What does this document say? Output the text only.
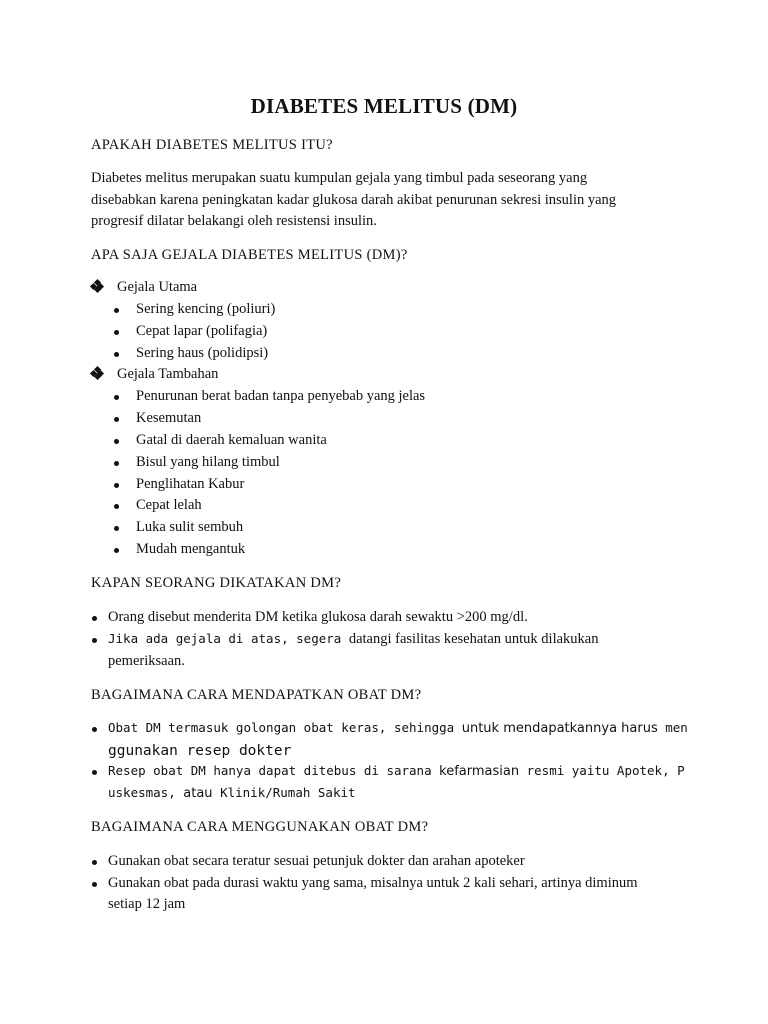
DIABETES MELITUS (DM)
APAKAH DIABETES MELITUS ITU?
Diabetes melitus merupakan suatu kumpulan gejala yang timbul pada seseorang yang
disebabkan karena peningkatan kadar glukosa darah akibat penurunan sekresi insulin yang
progresif dilatar belakangi oleh resistensi insulin.
APA SAJA GEJALA DIABETES MELITUS (DM)?
Gejala Utama
Sering kencing (poliuri)
Cepat lapar (polifagia)
Sering haus (polidipsi)
Gejala Tambahan
Penurunan berat badan tanpa penyebab yang jelas
Kesemutan
Gatal di daerah kemaluan wanita
Bisul yang hilang timbul
Penglihatan Kabur
Cepat lelah
Luka sulit sembuh
Mudah mengantuk
KAPAN SEORANG DIKATAKAN DM?
Orang disebut menderita DM ketika glukosa darah sewaktu >200 mg/dl.
Jika ada gejala di atas, segera datangi fasilitas kesehatan untuk dilakukan
pemeriksaan.
BAGAIMANA CARA MENDAPATKAN OBAT DM?
Obat DM termasuk golongan obat keras, sehingga untuk mendapatkannya harus men
ggunakan resep dokter
Resep obat DM hanya dapat ditebus di sarana kefarmasian resmi yaitu Apotek, P
uskesmas, atau Klinik/Rumah Sakit
BAGAIMANA CARA MENGGUNAKAN OBAT DM?
Gunakan obat secara teratur sesuai petunjuk dokter dan arahan apoteker
Gunakan obat pada durasi waktu yang sama, misalnya untuk 2 kali sehari, artinya diminum
setiap 12 jam
